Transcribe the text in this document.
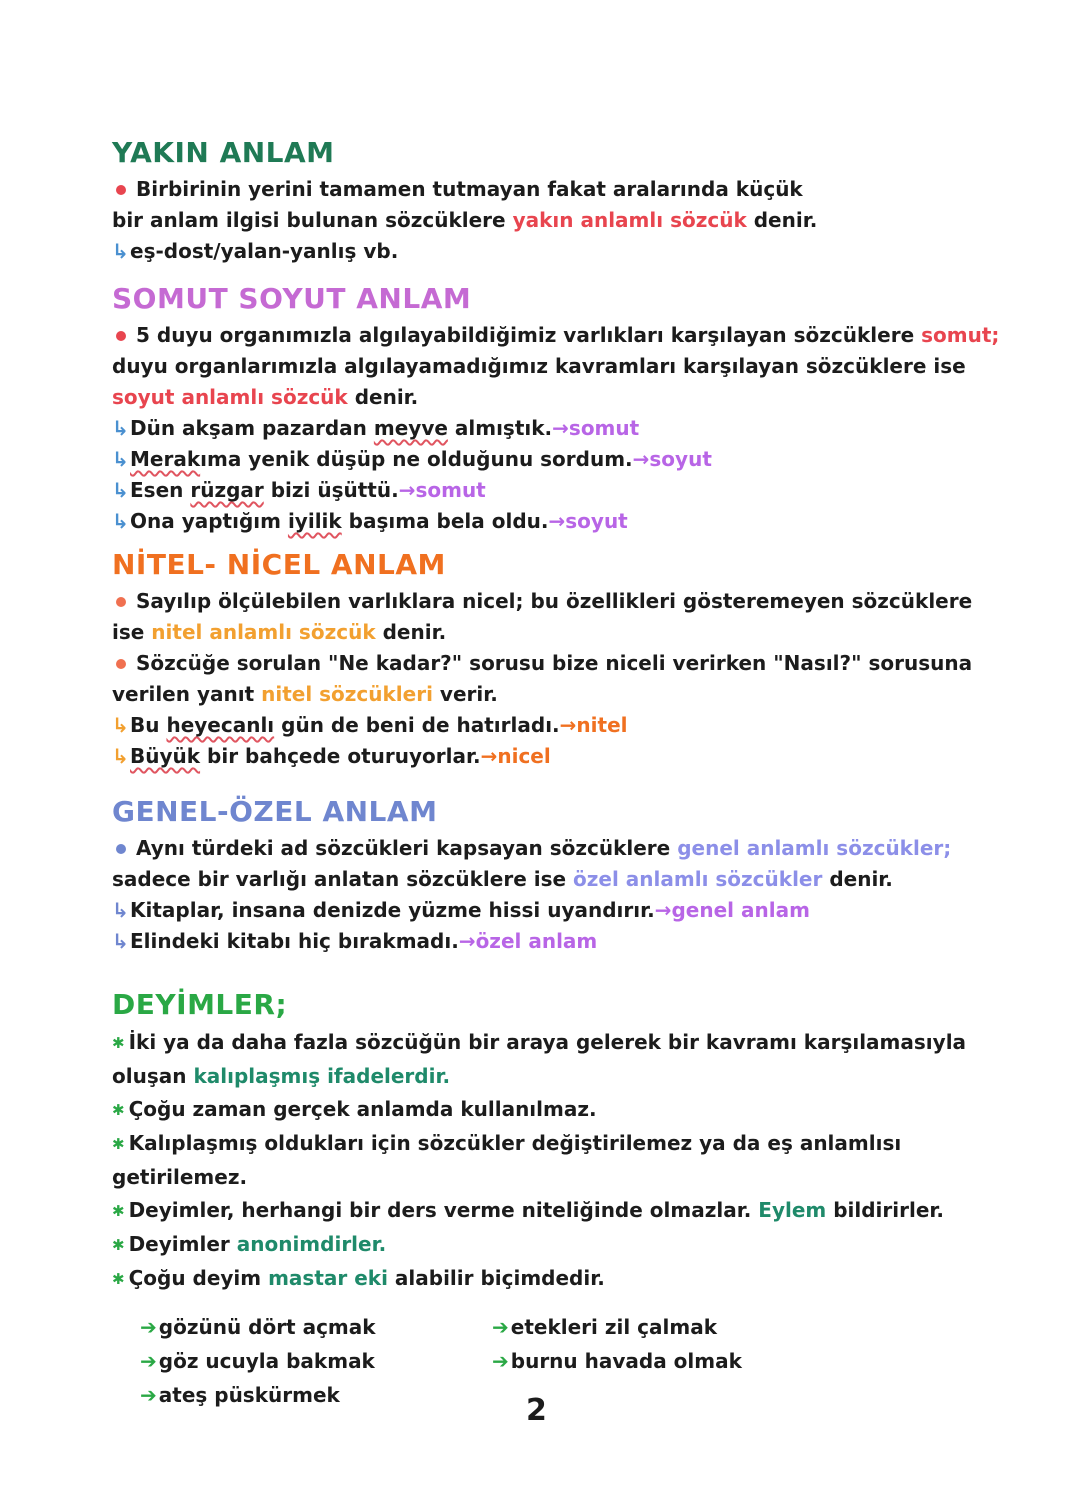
YAKIN ANLAM
Birbirinin yerini tamamen tutmayan fakat aralarında küçük
bir anlam ilgisi bulunan sözcüklere yakın anlamlı sözcük denir.
↳eş-dost/yalan-yanlış vb.
SOMUT SOYUT ANLAM
5 duyu organımızla algılayabildiğimiz varlıkları karşılayan sözcüklere somut;
duyu organlarımızla algılayamadığımız kavramları karşılayan sözcüklere ise
soyut anlamlı sözcük denir.
↳Dün akşam pazardan meyve almıştık.→somut
↳Merakıma yenik düşüp ne olduğunu sordum.→soyut
↳Esen rüzgar bizi üşüttü.→somut
↳Ona yaptığım iyilik başıma bela oldu.→soyut
NİTEL- NİCEL ANLAM
Sayılıp ölçülebilen varlıklara nicel; bu özellikleri gösteremeyen sözcüklere
ise nitel anlamlı sözcük denir.
Sözcüğe sorulan "Ne kadar?" sorusu bize niceli verirken "Nasıl?" sorusuna
verilen yanıt nitel sözcükleri verir.
↳Bu heyecanlı gün de beni de hatırladı.→nitel
↳Büyük bir bahçede oturuyorlar.→nicel
GENEL-ÖZEL ANLAM
Aynı türdeki ad sözcükleri kapsayan sözcüklere genel anlamlı sözcükler;
sadece bir varlığı anlatan sözcüklere ise özel anlamlı sözcükler denir.
↳Kitaplar, insana denizde yüzme hissi uyandırır.→genel anlam
↳Elindeki kitabı hiç bırakmadı.→özel anlam
DEYİMLER;
✱ İki ya da daha fazla sözcüğün bir araya gelerek bir kavramı karşılamasıyla
oluşan kalıplaşmış ifadelerdir.
✱ Çoğu zaman gerçek anlamda kullanılmaz.
✱ Kalıplaşmış oldukları için sözcükler değiştirilemez ya da eş anlamlısı
getirilemez.
✱ Deyimler, herhangi bir ders verme niteliğinde olmazlar. Eylem bildirirler.
✱ Deyimler anonimdirler.
✱ Çoğu deyim mastar eki alabilir biçimdedir.
➔ gözünü dört açmak
➔ göz ucuyla bakmak
➔ ateş püskürmek
➔ etekleri zil çalmak
➔ burnu havada olmak
2
